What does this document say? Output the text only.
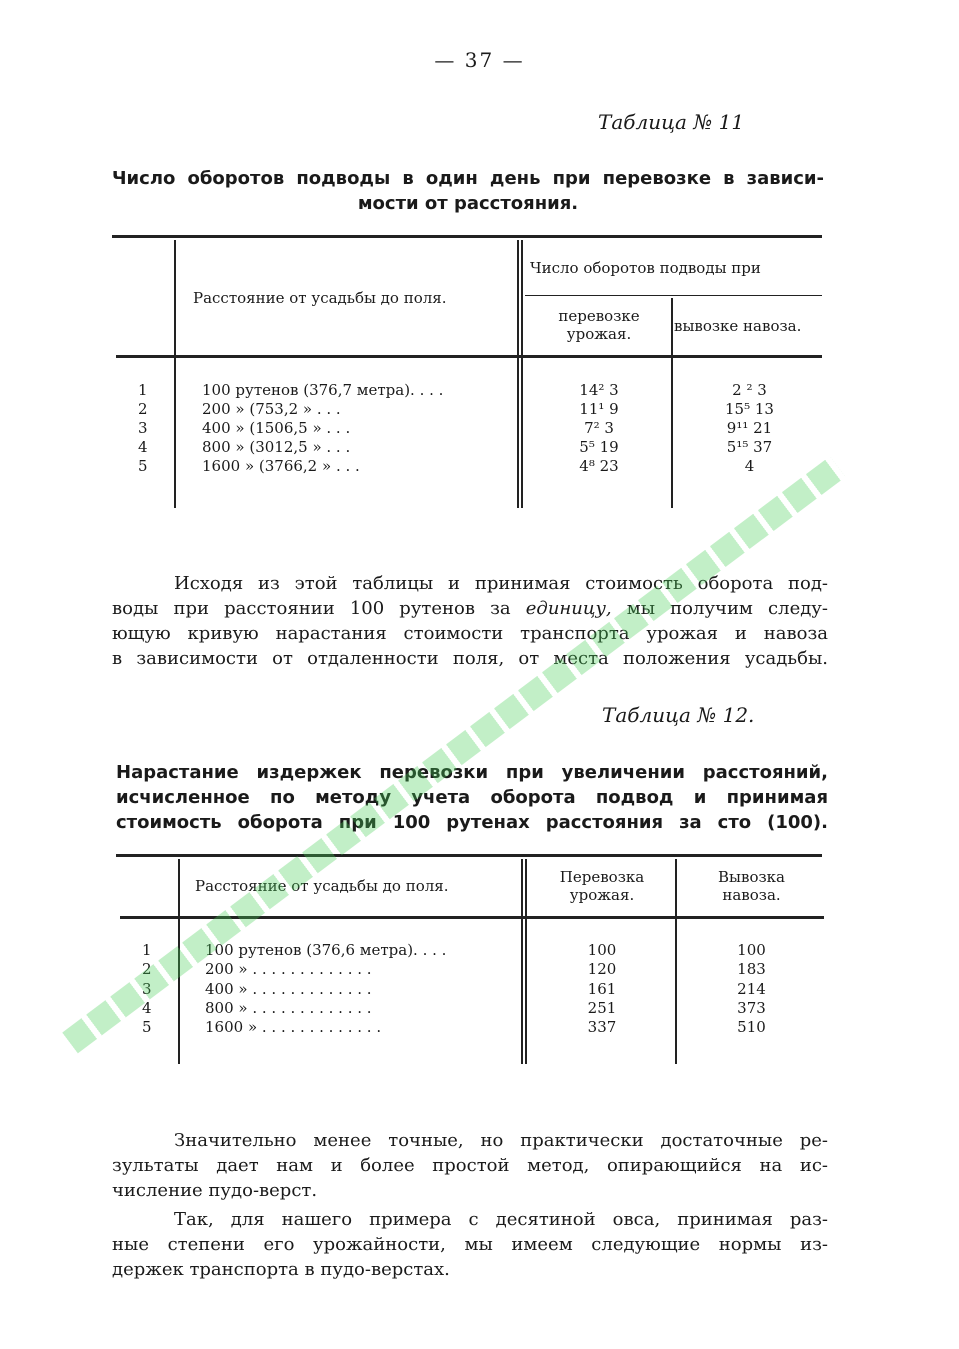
— 37 —
Таблица № 11
Число оборотов подводы в один день при перевозке в зависи-
мости от расстояния.
Расстояние от усадьбы до поля.
Число оборотов подводы при
перевозке
урожая.	вывозке навоза.
1	100 рутенов (376,7 метра). . . .	14² 3	2 ² 3
2	200 » (753,2 » . . .	11¹ 9	15⁵ 13
3	400 » (1506,5 » . . .	7² 3	9¹¹ 21
4	800 » (3012,5 » . . .	5⁵ 19	5¹⁵ 37
5	1600 » (3766,2 » . . .	4⁸ 23	4
Исходя из этой таблицы и принимая стоимость оборота под-
воды при расстоянии 100 рутенов за единицу, мы получим следу-
ющую кривую нарастания стоимости транспорта урожая и навоза
в зависимости от отдаленности поля, от места положения усадьбы.
Таблица № 12.
Нарастание издержек перевозки при увеличении расстояний,
исчисленное по методу учета оборота подвод и принимая
стоимость оборота при 100 рутенах расстояния за сто (100).
Расстояние от усадьбы до поля.	Перевозка
урожая.
Вывозка
навоза.
1	100 рутенов (376,6 метра). . . .	100	100
2	200 » . . . . . . . . . . . . .	120	183
3	400 » . . . . . . . . . . . . .	161	214
4	800 » . . . . . . . . . . . . .	251	373
5	1600 » . . . . . . . . . . . . .	337	510
Значительно менее точные, но практически достаточные ре-
зультаты дает нам и более простой метод, опирающийся на ис-
числение пудо-верст.
Так, для нашего примера с десятиной овса, принимая раз-
ные степени его урожайности, мы имеем следующие нормы из-
держек транспорта в пудо-верстах.
